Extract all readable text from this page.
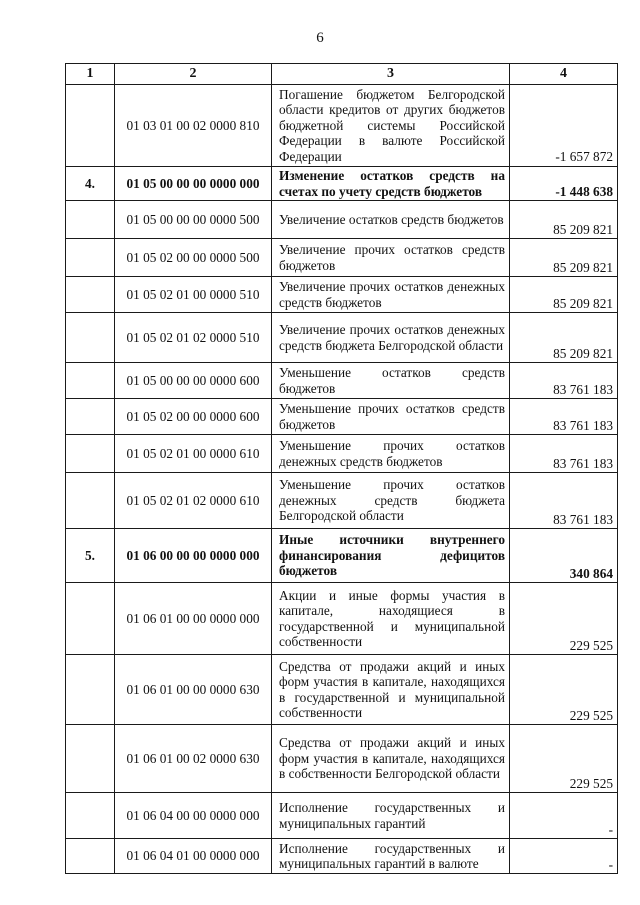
6
1	2	3	4
	01 03 01 00 02 0000 810	Погашение бюджетом Белгородской области кредитов от других бюджетов бюджетной системы Российской Федерации в валюте Российской Федерации	-1 657 872
4.	01 05 00 00 00 0000 000	Изменение остатков средств на счетах по учету средств бюджетов	-1 448 638
	01 05 00 00 00 0000 500	Увеличение остатков средств бюджетов	85 209 821
	01 05 02 00 00 0000 500	Увеличение прочих остатков средств бюджетов	85 209 821
	01 05 02 01 00 0000 510	Увеличение прочих остатков денежных средств бюджетов	85 209 821
	01 05 02 01 02 0000 510	Увеличение прочих остатков денежных средств бюджета Белгородской области	85 209 821
	01 05 00 00 00 0000 600	Уменьшение остатков средств бюджетов	83 761 183
	01 05 02 00 00 0000 600	Уменьшение прочих остатков средств бюджетов	83 761 183
	01 05 02 01 00 0000 610	Уменьшение прочих остатков денежных средств бюджетов	83 761 183
	01 05 02 01 02 0000 610	Уменьшение прочих остатков денежных средств бюджета Белгородской области	83 761 183
5.	01 06 00 00 00 0000 000	Иные источники внутреннего финансирования дефицитов бюджетов	340 864
	01 06 01 00 00 0000 000	Акции и иные формы участия в капитале, находящиеся в государственной и муниципальной собственности	229 525
	01 06 01 00 00 0000 630	Средства от продажи акций и иных форм участия в капитале, находящихся в государственной и муниципальной собственности	229 525
	01 06 01 00 02 0000 630	Средства от продажи акций и иных форм участия в капитале, находящихся в собственности Белгородской области	229 525
	01 06 04 00 00 0000 000	Исполнение государственных и муниципальных гарантий	-
	01 06 04 01 00 0000 000	Исполнение государственных и муниципальных гарантий в валюте	-
